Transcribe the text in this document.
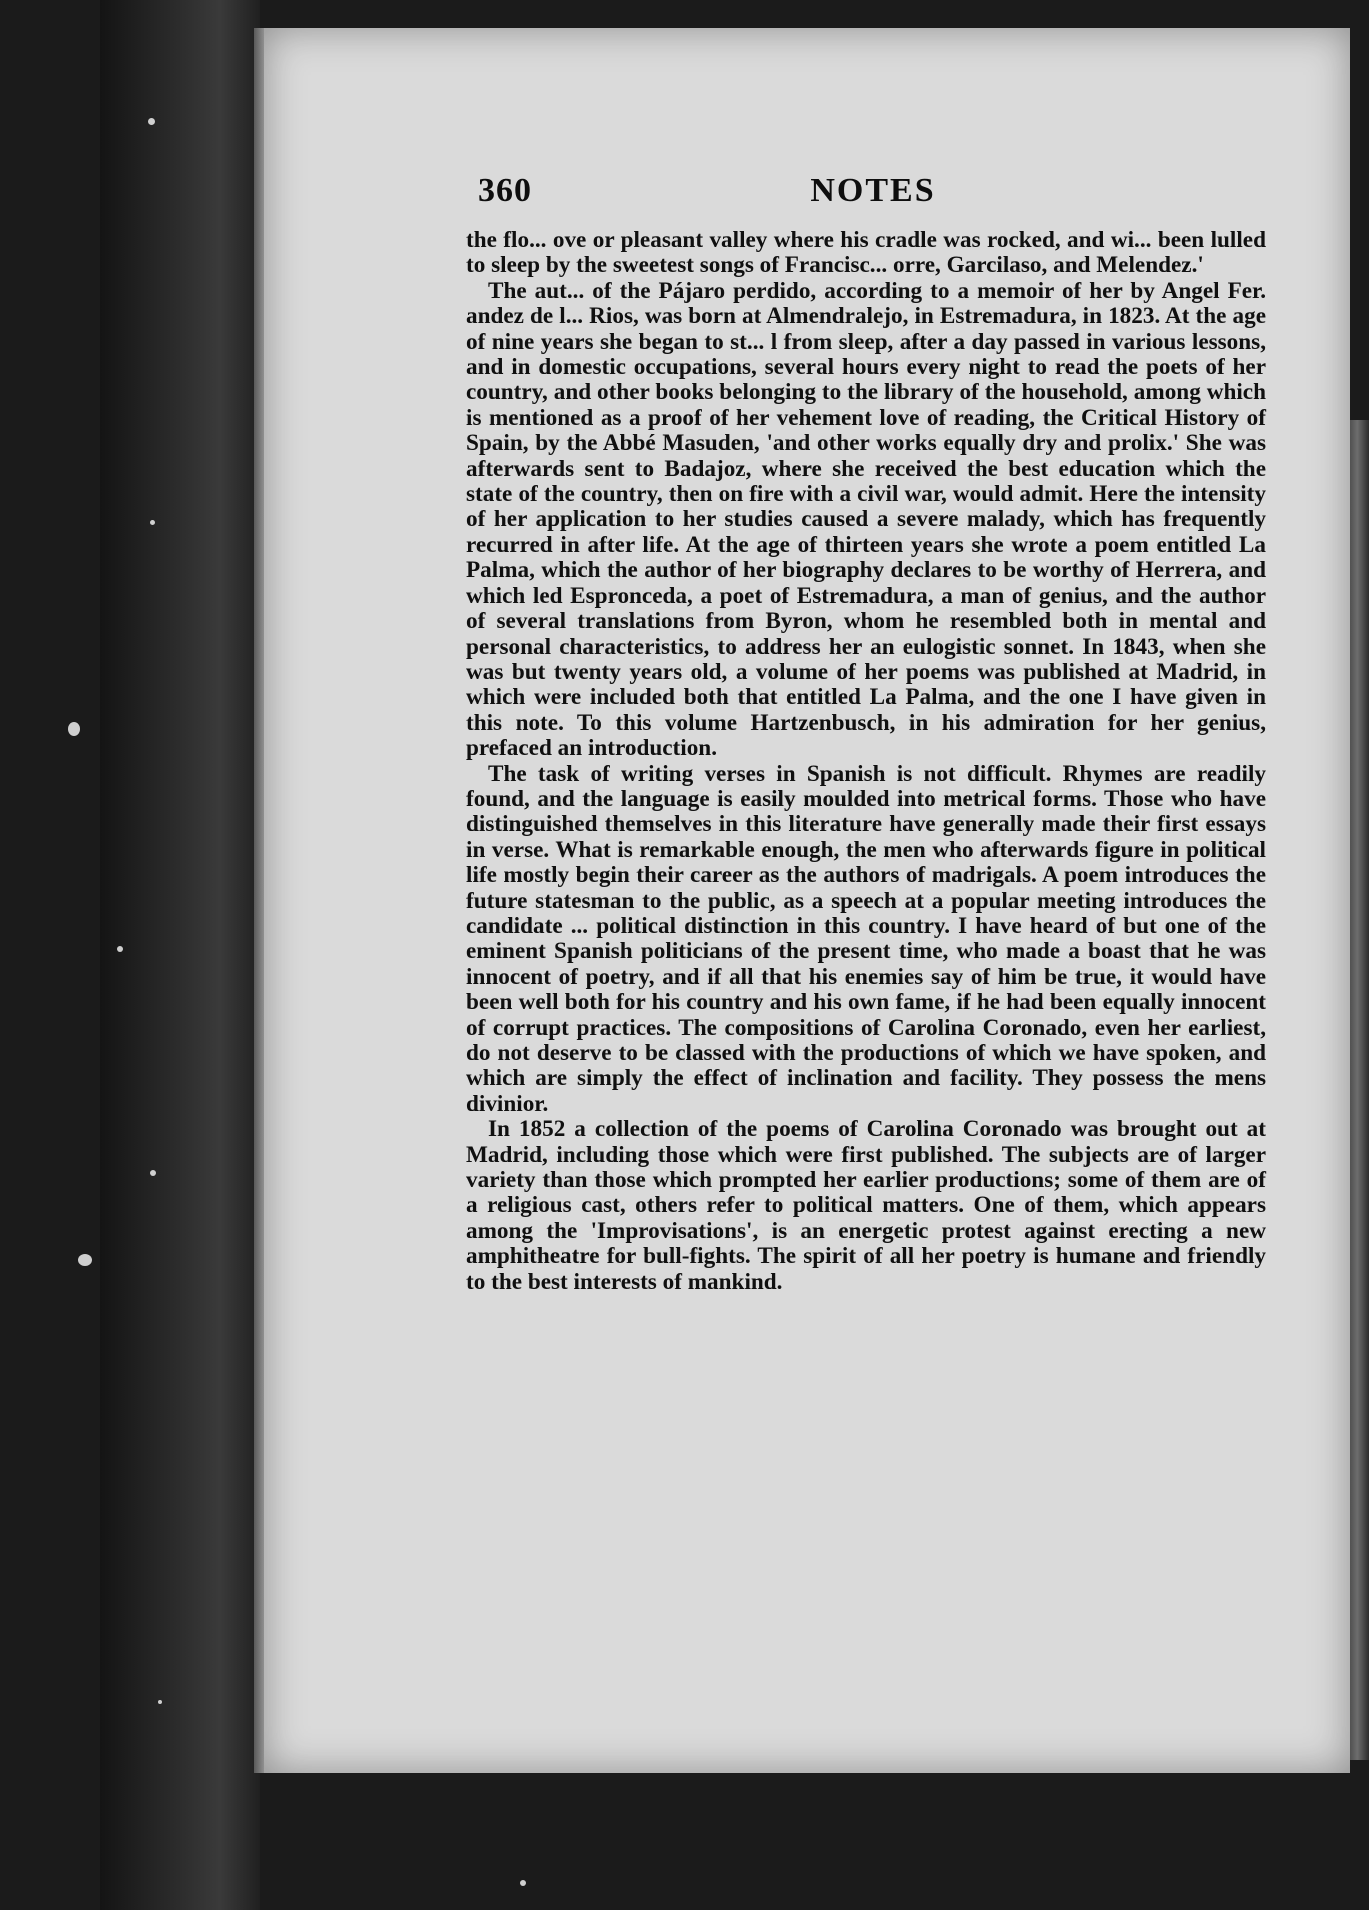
360	NOTES

the flo... ove or pleasant valley where his cradle was rocked, and wi... been lulled to sleep by the sweetest songs of Francisc... orre, Garcilaso, and Melendez.'

The aut... of the Pájaro perdido, according to a memoir of her by Angel Fer. andez de l... Rios, was born at Almendralejo, in Estremadura, in 1823. At the age of nine years she began to st... l from sleep, after a day passed in various lessons, and in domestic occupations, several hours every night to read the poets of her country, and other books belonging to the library of the household, among which is mentioned as a proof of her vehement love of reading, the Critical History of Spain, by the Abbé Masuden, 'and other works equally dry and prolix.' She was afterwards sent to Badajoz, where she received the best education which the state of the country, then on fire with a civil war, would admit. Here the intensity of her application to her studies caused a severe malady, which has frequently recurred in after life. At the age of thirteen years she wrote a poem entitled La Palma, which the author of her biography declares to be worthy of Herrera, and which led Espronceda, a poet of Estremadura, a man of genius, and the author of several translations from Byron, whom he resembled both in mental and personal characteristics, to address her an eulogistic sonnet. In 1843, when she was but twenty years old, a volume of her poems was published at Madrid, in which were included both that entitled La Palma, and the one I have given in this note. To this volume Hartzenbusch, in his admiration for her genius, prefaced an introduction.

The task of writing verses in Spanish is not difficult. Rhymes are readily found, and the language is easily moulded into metrical forms. Those who have distinguished themselves in this literature have generally made their first essays in verse. What is remarkable enough, the men who afterwards figure in political life mostly begin their career as the authors of madrigals. A poem introduces the future statesman to the public, as a speech at a popular meeting introduces the candidate ... political distinction in this country. I have heard of but one of the eminent Spanish politicians of the present time, who made a boast that he was innocent of poetry, and if all that his enemies say of him be true, it would have been well both for his country and his own fame, if he had been equally innocent of corrupt practices. The compositions of Carolina Coronado, even her earliest, do not deserve to be classed with the productions of which we have spoken, and which are simply the effect of inclination and facility. They possess the mens divinior.

In 1852 a collection of the poems of Carolina Coronado was brought out at Madrid, including those which were first published. The subjects are of larger variety than those which prompted her earlier productions; some of them are of a religious cast, others refer to political matters. One of them, which appears among the 'Improvisations', is an energetic protest against erecting a new amphitheatre for bull-fights. The spirit of all her poetry is humane and friendly to the best interests of mankind.
